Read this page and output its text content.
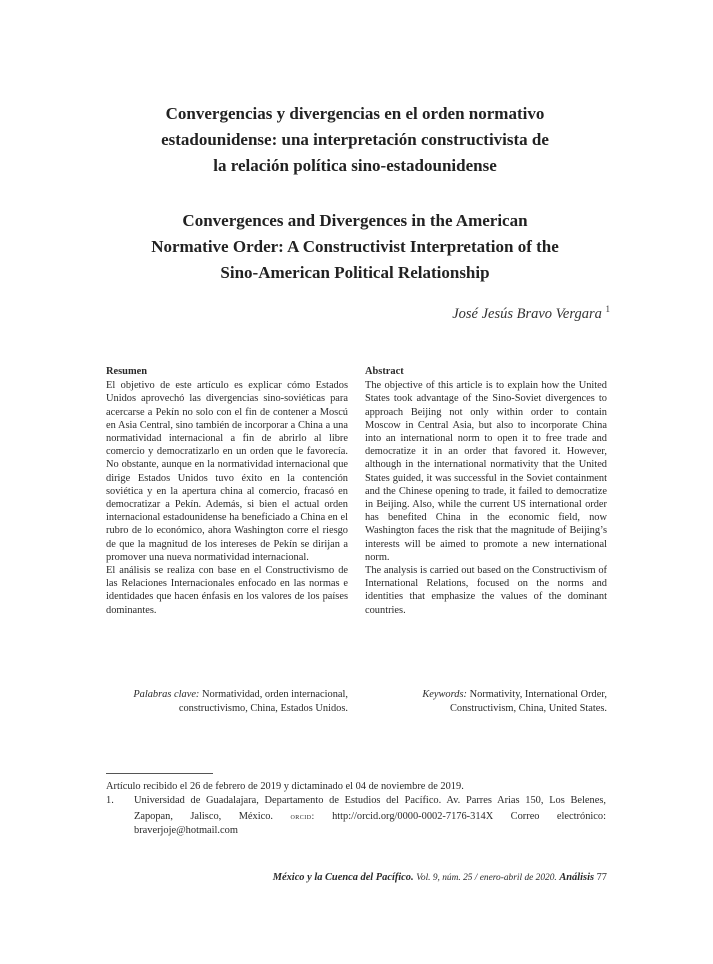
Convergencias y divergencias en el orden normativo
estadounidense: una interpretación constructivista de
la relación política sino-estadounidense
Convergences and Divergences in the American
Normative Order: A Constructivist Interpretation of the
Sino-American Political Relationship
José Jesús Bravo Vergara $^1$
Resumen

El objetivo de este artículo es explicar cómo Estados Unidos aprovechó las divergencias sino-soviéticas para acercarse a Pekín no solo con el fin de contener a Moscú en Asia Central, sino también de incorporar a China a una normatividad internacional a fin de abrirlo al libre comercio y democratizarlo en un orden que le favorecía. No obstante, aunque en la normatividad internacional que dirige Estados Unidos tuvo éxito en la contención soviética y en la apertura china al comercio, fracasó en democratizar a Pekín. Además, si bien el actual orden internacional estadounidense ha beneficiado a China en el rubro de lo económico, ahora Washington corre el riesgo de que la magnitud de los intereses de Pekín se dirijan a promover una nueva normatividad internacional.

El análisis se realiza con base en el Constructivismo de las Relaciones Internacionales enfocado en las normas e identidades que hacen énfasis en los valores de los países dominantes.

Abstract

The objective of this article is to explain how the United States took advantage of the Sino-Soviet divergences to approach Beijing not only within order to contain Moscow in Central Asia, but also to incorporate China into an international norm to open it to free trade and democratize it in an order that favored it. However, although in the international normativity that the United States guided, it was successful in the Soviet containment and the Chinese opening to trade, it failed to democratize in Beijing. Also, while the current US international order has benefited China in the economic field, now Washington faces the risk that the magnitude of Beijing’s interests will be aimed to promote a new international norm.

The analysis is carried out based on the Constructivism of International Relations, focused on the norms and identities that emphasize the values of the dominant countries.

Palabras clave: Normatividad, orden internacional, constructivismo, China, Estados Unidos.
Keywords: Normativity, International Order, Constructivism, China, United States.

Artículo recibido el 26 de febrero de 2019 y dictaminado el 04 de noviembre de 2019.

1.	Universidad de Guadalajara, Departamento de Estudios del Pacífico. Av. Parres Arias 150, Los Belenes, Zapopan, Jalisco, México. orcid: http://orcid.org/0000-0002-7176-314X Correo electrónico: braverjoje@hotmail.com
México y la Cuenca del Pacífico. Vol. 9, núm. 25 / enero-abril de 2020. Análisis 77
